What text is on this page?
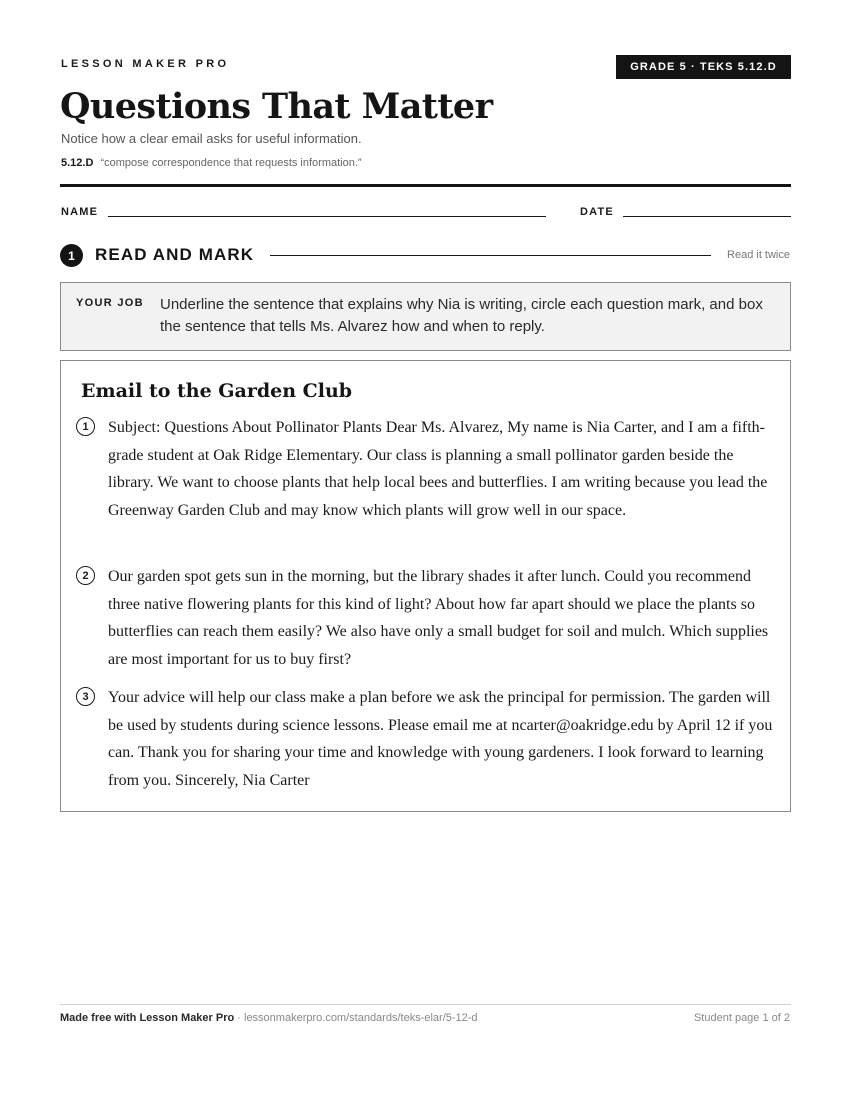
LESSON MAKER PRO	GRADE 5 · TEKS 5.12.D
Questions That Matter
Notice how a clear email asks for useful information.
5.12.D “compose correspondence that requests information.”
NAME	DATE
1	READ AND MARK	Read it twice
YOUR JOB Underline the sentence that explains why Nia is writing, circle each question mark, and box the sentence that tells Ms. Alvarez how and when to reply.
Email to the Garden Club
1	Subject: Questions About Pollinator Plants Dear Ms. Alvarez, My name is Nia Carter, and I am a fifth-grade student at Oak Ridge Elementary. Our class is planning a small pollinator garden beside the library. We want to choose plants that help local bees and butterflies. I am writing because you lead the Greenway Garden Club and may know which plants will grow well in our space.

2	Our garden spot gets sun in the morning, but the library shades it after lunch. Could you recommend three native flowering plants for this kind of light? About how far apart should we place the plants so butterflies can reach them easily? We also have only a small budget for soil and mulch. Which supplies are most important for us to buy first?

3	Your advice will help our class make a plan before we ask the principal for permission. The garden will be used by students during science lessons. Please email me at ncarter@oakridge.edu by April 12 if you can. Thank you for sharing your time and knowledge with young gardeners. I look forward to learning from you. Sincerely, Nia Carter

Made free with Lesson Maker Pro · lessonmakerpro.com/standards/teks-elar/5-12-d	Student page 1 of 2
